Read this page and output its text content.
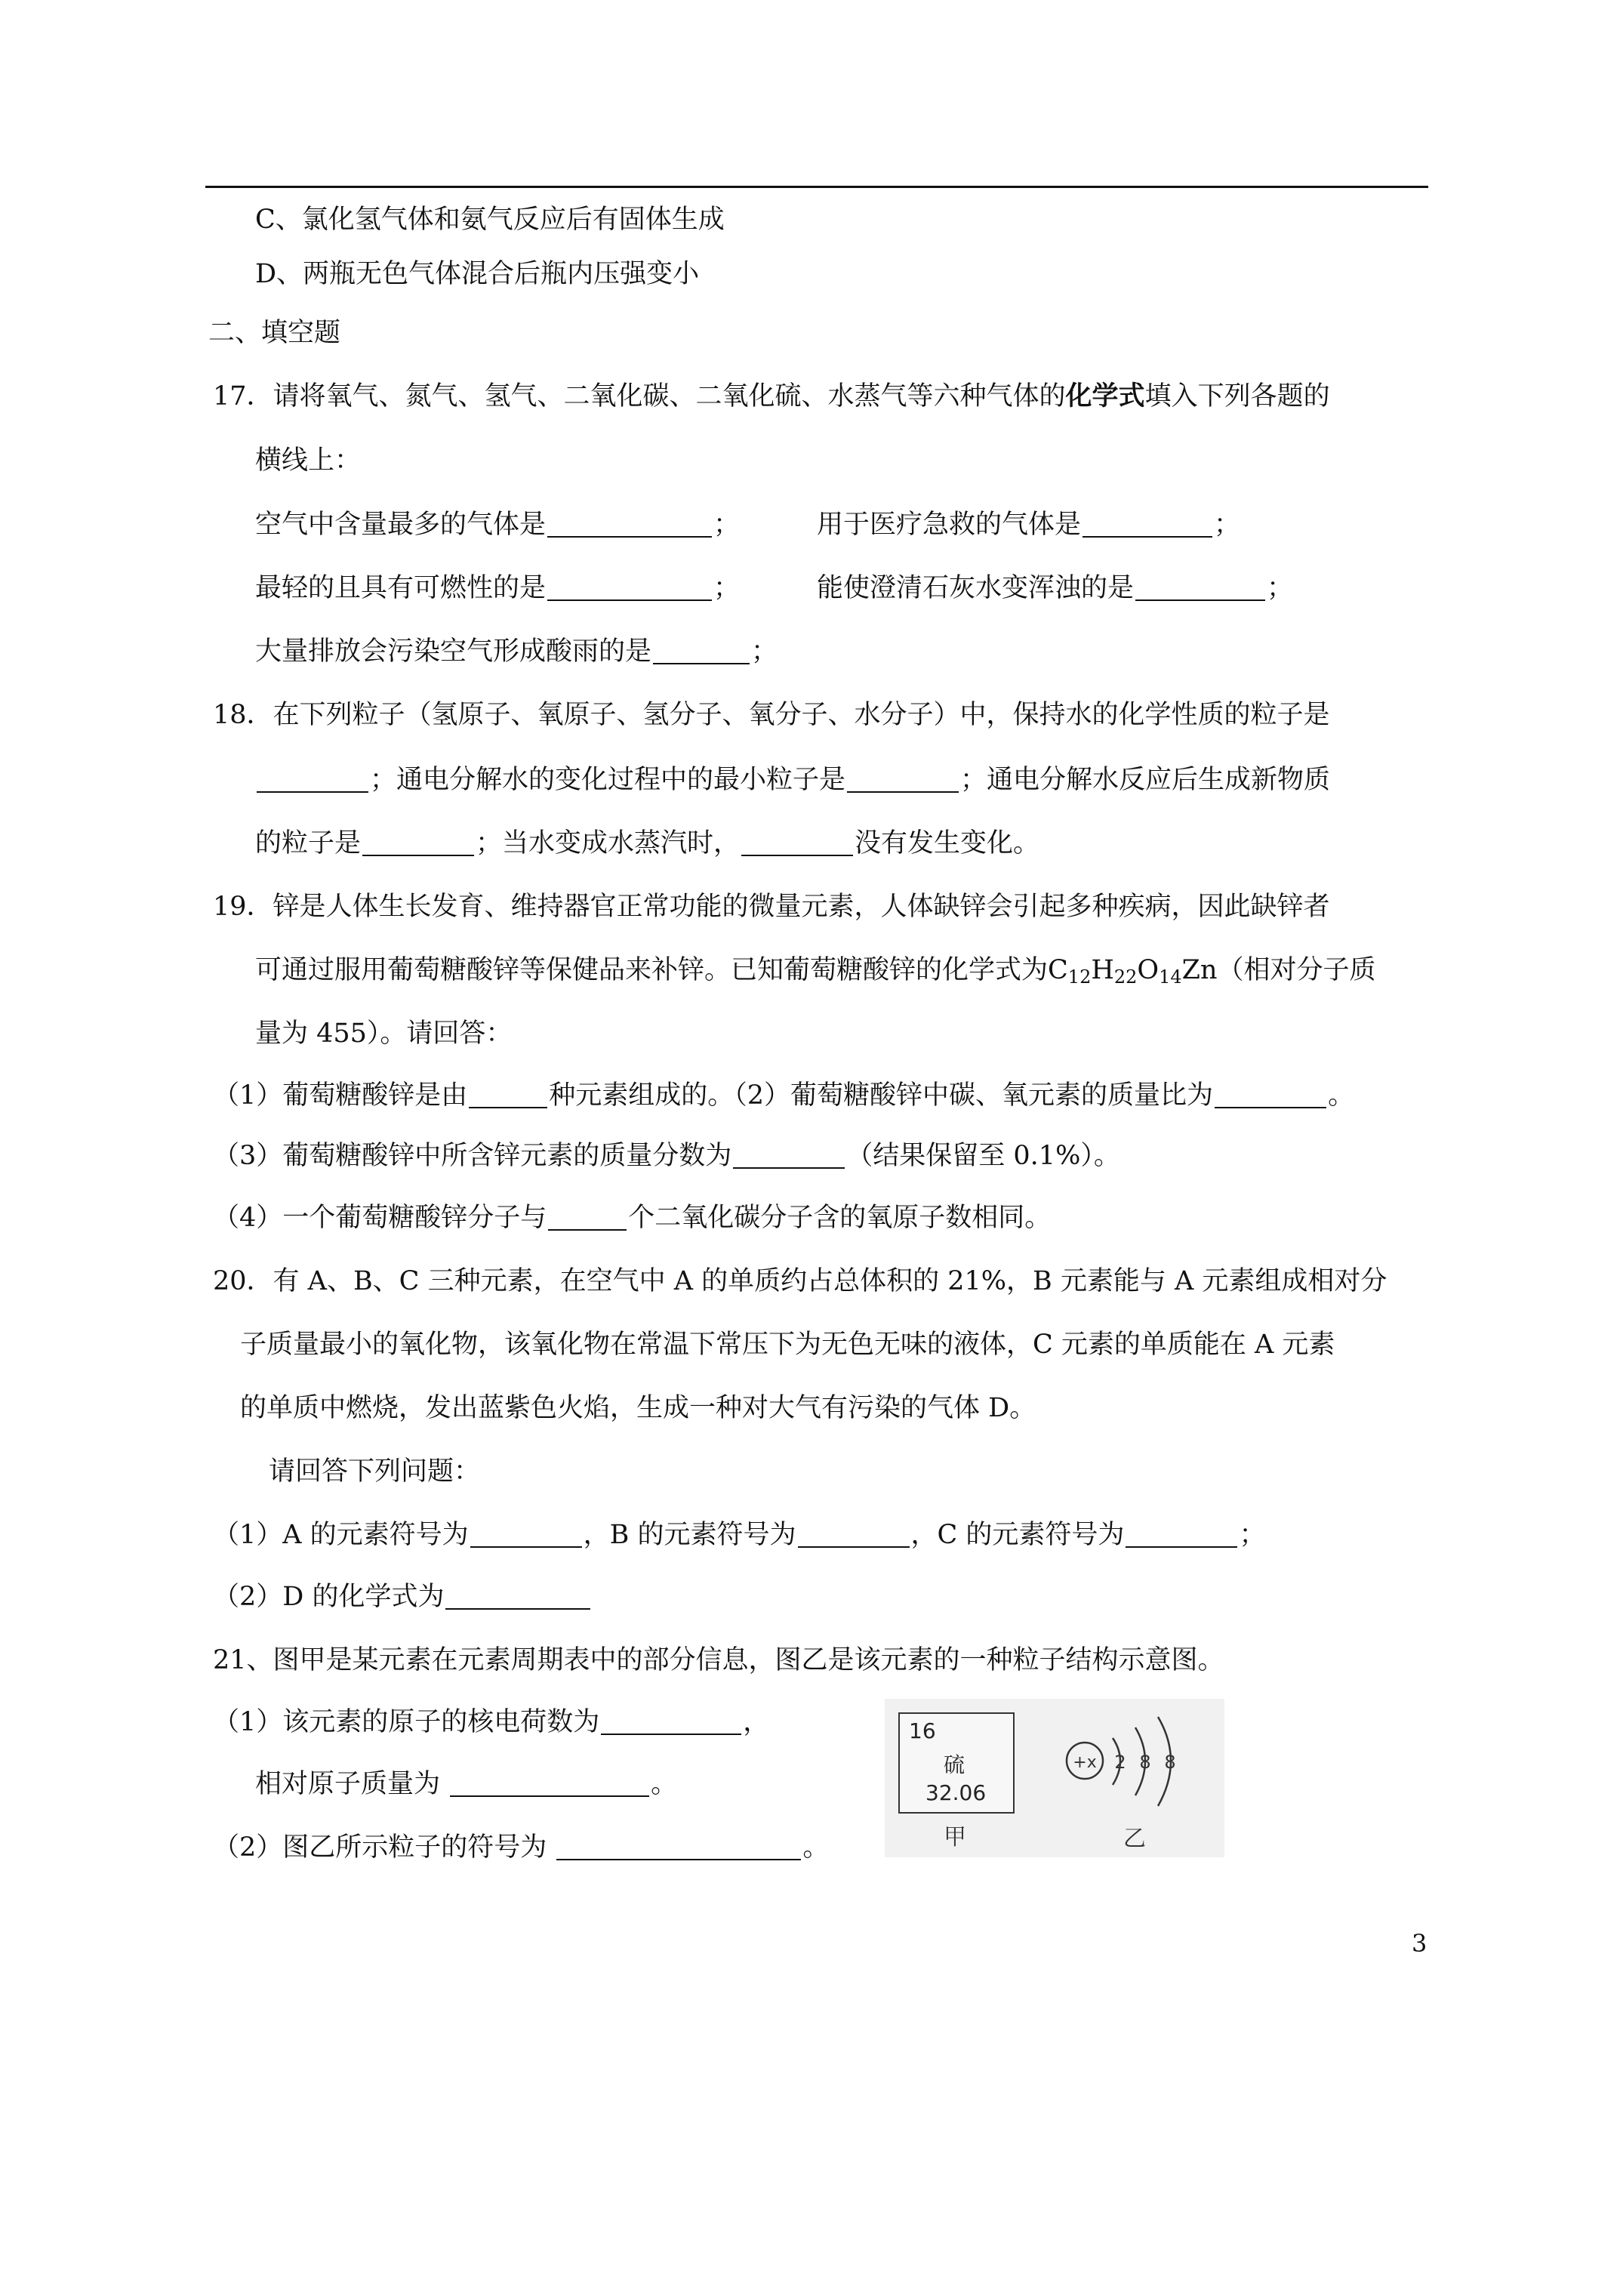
C、氯化氢气体和氨气反应后有固体生成
D、两瓶无色气体混合后瓶内压强变小
二、填空题
17．请将氧气、氮气、氢气、二氧化碳、二氧化硫、水蒸气等六种气体的化学式填入下列各题的
横线上：
空气中含量最多的气体是	；	用于医疗急救的气体是	；
最轻的且具有可燃性的是	；	能使澄清石灰水变浑浊的是	；
大量排放会污染空气形成酸雨的是	；
18．在下列粒子（氢原子、氧原子、氢分子、氧分子、水分子）中，保持水的化学性质的粒子是
；通电分解水的变化过程中的最小粒子是	；通电分解水反应后生成新物质
的粒子是	；当水变成水蒸汽时，	没有发生变化。
19．锌是人体生长发育、维持器官正常功能的微量元素，人体缺锌会引起多种疾病，因此缺锌者
可通过服用葡萄糖酸锌等保健品来补锌。已知葡萄糖酸锌的化学式为$C_{12}H_{22}O_{14}Zn$（相对分子质
量为 455）。请回答：
（1）葡萄糖酸锌是由	种元素组成的。（2）葡萄糖酸锌中碳、氧元素的质量比为	。
（3）葡萄糖酸锌中所含锌元素的质量分数为	（结果保留至 0.1%）。
（4）一个葡萄糖酸锌分子与	个二氧化碳分子含的氧原子数相同。
20．有 A、B、C 三种元素，在空气中 A 的单质约占总体积的 21%，B 元素能与 A 元素组成相对分
子质量最小的氧化物，该氧化物在常温下常压下为无色无味的液体，C 元素的单质能在 A 元素
的单质中燃烧，发出蓝紫色火焰，生成一种对大气有污染的气体 D。
请回答下列问题：
（1）A 的元素符号为	，B 的元素符号为	，C 的元素符号为	；
（2）D 的化学式为
21、图甲是某元素在元素周期表中的部分信息，图乙是该元素的一种粒子结构示意图。
（1）该元素的原子的核电荷数为	，
相对原子质量为	。
（2）图乙所示粒子的符号为	。
16
硫
32.06
+x 2 8 8
甲	乙
3
